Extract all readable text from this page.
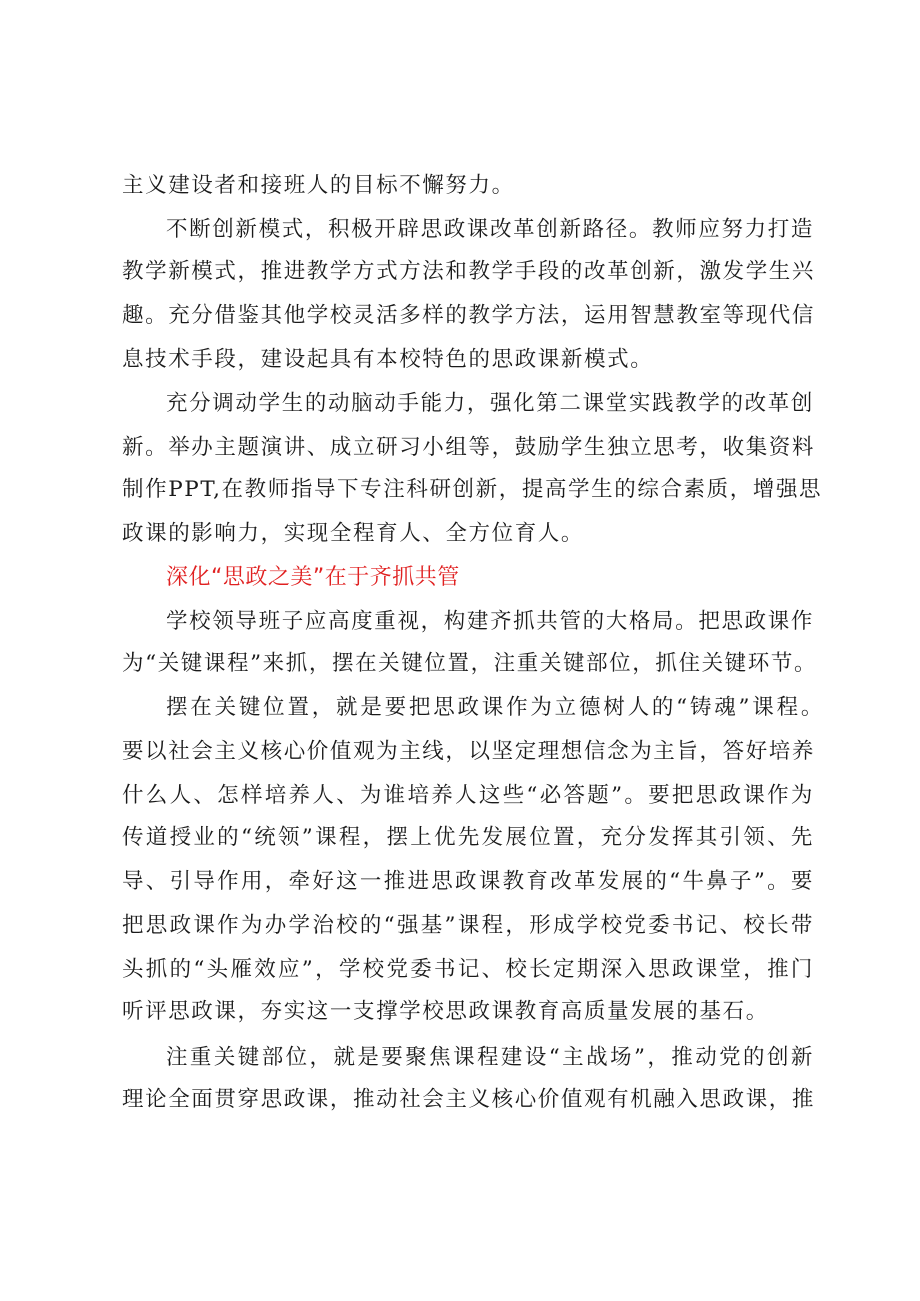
主义建设者和接班人的目标不懈努力。
不断创新模式，积极开辟思政课改革创新路径。教师应努力打造
教学新模式，推进教学方式方法和教学手段的改革创新，激发学生兴
趣。充分借鉴其他学校灵活多样的教学方法，运用智慧教室等现代信
息技术手段，建设起具有本校特色的思政课新模式。
充分调动学生的动脑动手能力，强化第二课堂实践教学的改革创
新。举办主题演讲、成立研习小组等，鼓励学生独立思考，收集资料
制作PPT,在教师指导下专注科研创新，提高学生的综合素质，增强思
政课的影响力，实现全程育人、全方位育人。
深化“思政之美”在于齐抓共管
学校领导班子应高度重视，构建齐抓共管的大格局。把思政课作
为“关键课程”来抓，摆在关键位置，注重关键部位，抓住关键环节。
摆在关键位置，就是要把思政课作为立德树人的“铸魂”课程。
要以社会主义核心价值观为主线，以坚定理想信念为主旨，答好培养
什么人、怎样培养人、为谁培养人这些“必答题”。要把思政课作为
传道授业的“统领”课程，摆上优先发展位置，充分发挥其引领、先
导、引导作用，牵好这一推进思政课教育改革发展的“牛鼻子”。要
把思政课作为办学治校的“强基”课程，形成学校党委书记、校长带
头抓的“头雁效应”，学校党委书记、校长定期深入思政课堂，推门
听评思政课，夯实这一支撑学校思政课教育高质量发展的基石。
注重关键部位，就是要聚焦课程建设“主战场”，推动党的创新
理论全面贯穿思政课，推动社会主义核心价值观有机融入思政课，推
